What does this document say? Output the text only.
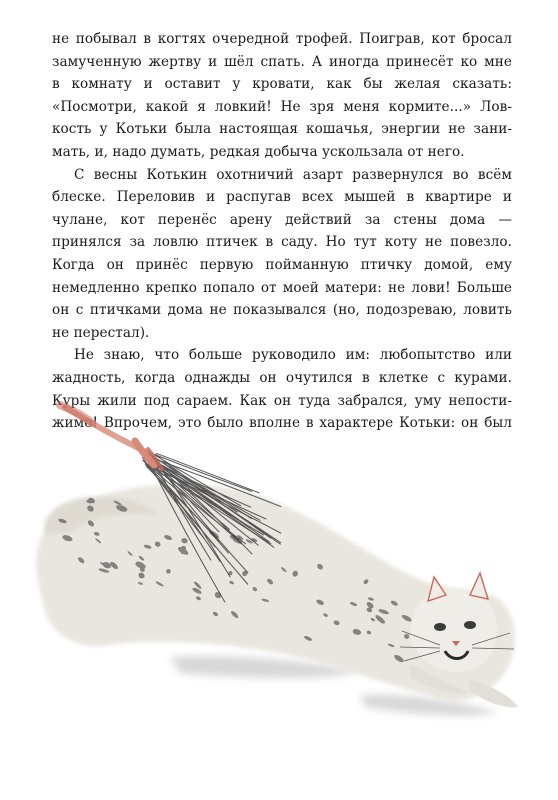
не побывал в когтях очередной трофей. Поиграв, кот бросал
замученную жертву и шёл спать. А иногда принесёт ко мне
в комнату и оставит у кровати, как бы желая сказать:
«Посмотри, какой я ловкий! Не зря меня кормите...» Лов-
кость у Котьки была настоящая кошачья, энергии не зани-
мать, и, надо думать, редкая добыча ускользала от него.
С весны Котькин охотничий азарт развернулся во всём
блеске. Переловив и распугав всех мышей в квартире и
чулане, кот перенёс арену действий за стены дома —
принялся за ловлю птичек в саду. Но тут коту не повезло.
Когда он принёс первую пойманную птичку домой, ему
немедленно крепко попало от моей матери: не лови! Больше
он с птичками дома не показывался (но, подозреваю, ловить
не перестал).
Не знаю, что больше руководило им: любопытство или
жадность, когда однажды он очутился в клетке с курами.
Куры жили под сараем. Как он туда забрался, уму непости-
жимо! Впрочем, это было вполне в характере Котьки: он был
